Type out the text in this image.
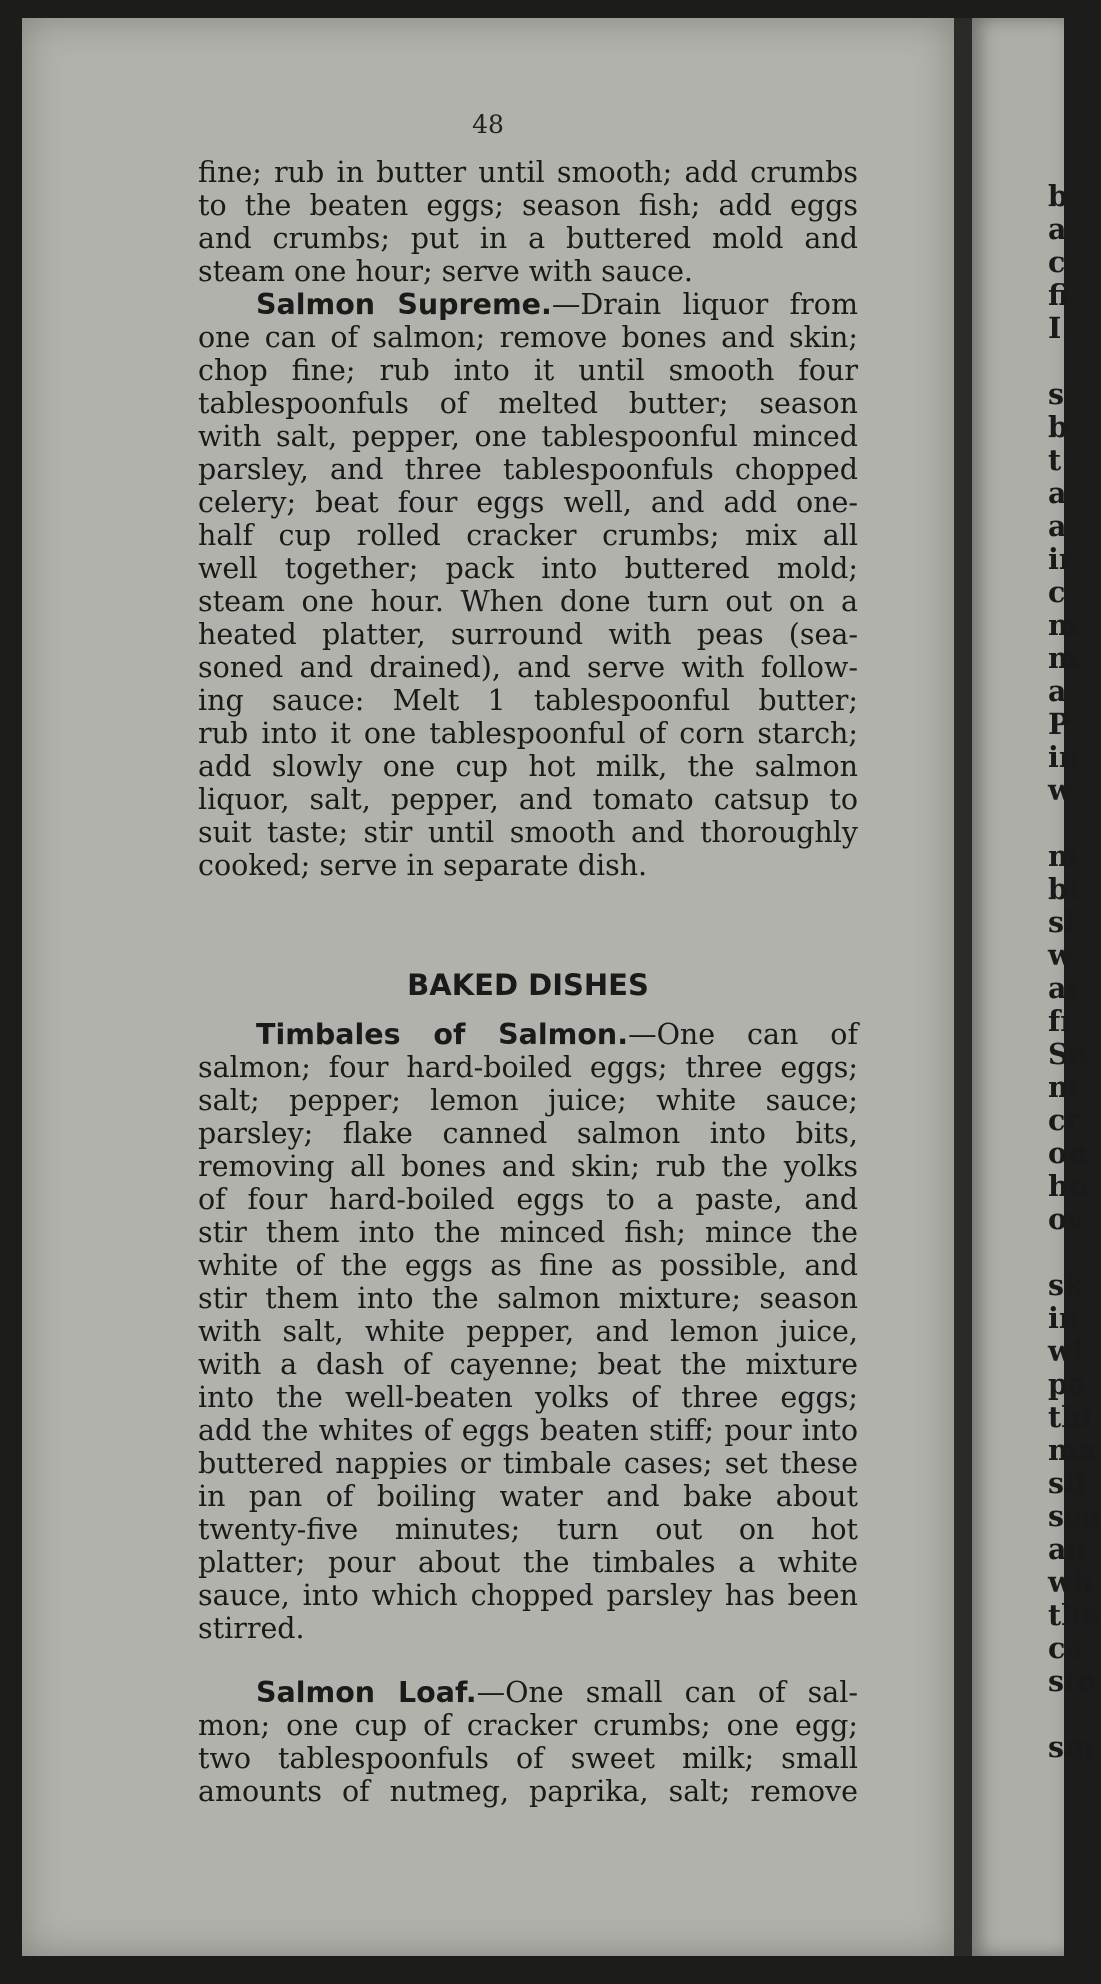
48
fine; rub in butter until smooth; add crumbs
to the beaten eggs; season fish; add eggs
and crumbs; put in a buttered mold and
steam one hour; serve with sauce.
Salmon Supreme.—Drain liquor from
one can of salmon; remove bones and skin;
chop fine; rub into it until smooth four
tablespoonfuls of melted butter; season
with salt, pepper, one tablespoonful minced
parsley, and three tablespoonfuls chopped
celery; beat four eggs well, and add one-
half cup rolled cracker crumbs; mix all
well together; pack into buttered mold;
steam one hour. When done turn out on a
heated platter, surround with peas (sea-
soned and drained), and serve with follow-
ing sauce: Melt 1 tablespoonful butter;
rub into it one tablespoonful of corn starch;
add slowly one cup hot milk, the salmon
liquor, salt, pepper, and tomato catsup to
suit taste; stir until smooth and thoroughly
cooked; serve in separate dish.
BAKED DISHES
Timbales of Salmon.—One can of
salmon; four hard-boiled eggs; three eggs;
salt; pepper; lemon juice; white sauce;
parsley; flake canned salmon into bits,
removing all bones and skin; rub the yolks
of four hard-boiled eggs to a paste, and
stir them into the minced fish; mince the
white of the eggs as fine as possible, and
stir them into the salmon mixture; season
with salt, white pepper, and lemon juice,
with a dash of cayenne; beat the mixture
into the well-beaten yolks of three eggs;
add the whites of eggs beaten stiff; pour into
buttered nappies or timbale cases; set these
in pan of boiling water and bake about
twenty-five minutes; turn out on hot
platter; pour about the timbales a white
sauce, into which chopped parsley has been
stirred.
Salmon Loaf.—One small can of sal-
mon; one cup of cracker crumbs; one egg;
two tablespoonfuls of sweet milk; small
amounts of nutmeg, paprika, salt; remove
b
a
c
fi
I
s
b
t
a
a
ir
c
m
m
a
P
in
w
m
bi
sl
w
ar
fr
Se
m
cr
on
ho
ov
sk
in
wi
pa
thi
ma
sli
sea
an
wh
the
ca
ste
sm
